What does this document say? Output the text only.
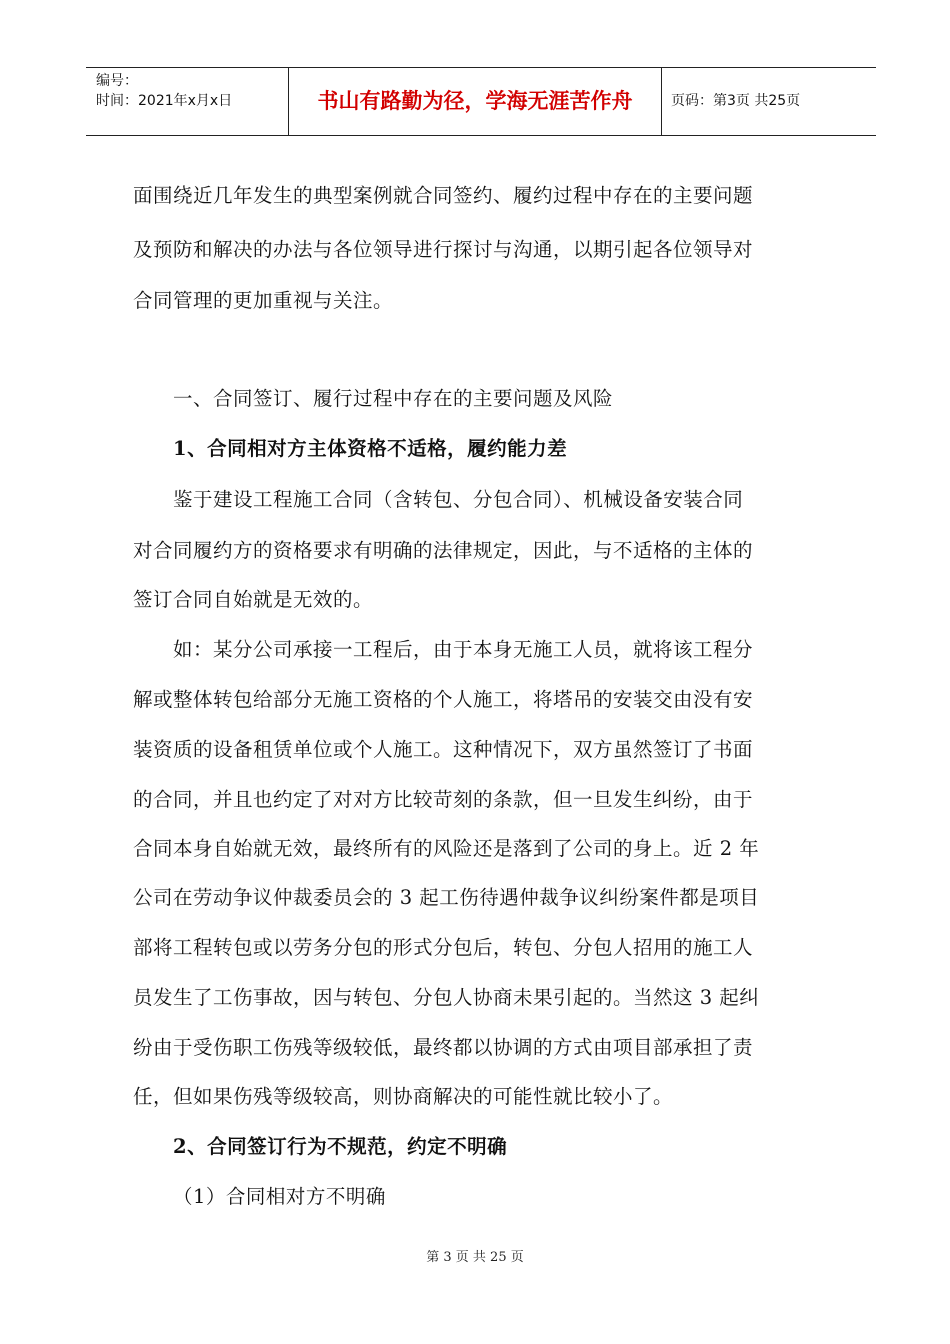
编号：
时间：2021年x月x日	书山有路勤为径，学海无涯苦作舟	页码：第3页 共25页
面围绕近几年发生的典型案例就合同签约、履约过程中存在的主要问题
及预防和解决的办法与各位领导进行探讨与沟通，以期引起各位领导对
合同管理的更加重视与关注。
一、合同签订、履行过程中存在的主要问题及风险
1、合同相对方主体资格不适格，履约能力差
鉴于建设工程施工合同（含转包、分包合同）、机械设备安装合同
对合同履约方的资格要求有明确的法律规定，因此，与不适格的主体的
签订合同自始就是无效的。
如：某分公司承接一工程后，由于本身无施工人员，就将该工程分
解或整体转包给部分无施工资格的个人施工，将塔吊的安装交由没有安
装资质的设备租赁单位或个人施工。这种情况下，双方虽然签订了书面
的合同，并且也约定了对对方比较苛刻的条款，但一旦发生纠纷，由于
合同本身自始就无效，最终所有的风险还是落到了公司的身上。近 2 年
公司在劳动争议仲裁委员会的 3 起工伤待遇仲裁争议纠纷案件都是项目
部将工程转包或以劳务分包的形式分包后，转包、分包人招用的施工人
员发生了工伤事故，因与转包、分包人协商未果引起的。当然这 3 起纠
纷由于受伤职工伤残等级较低，最终都以协调的方式由项目部承担了责
任，但如果伤残等级较高，则协商解决的可能性就比较小了。
2、合同签订行为不规范，约定不明确
（1）合同相对方不明确
第 3 页 共 25 页
